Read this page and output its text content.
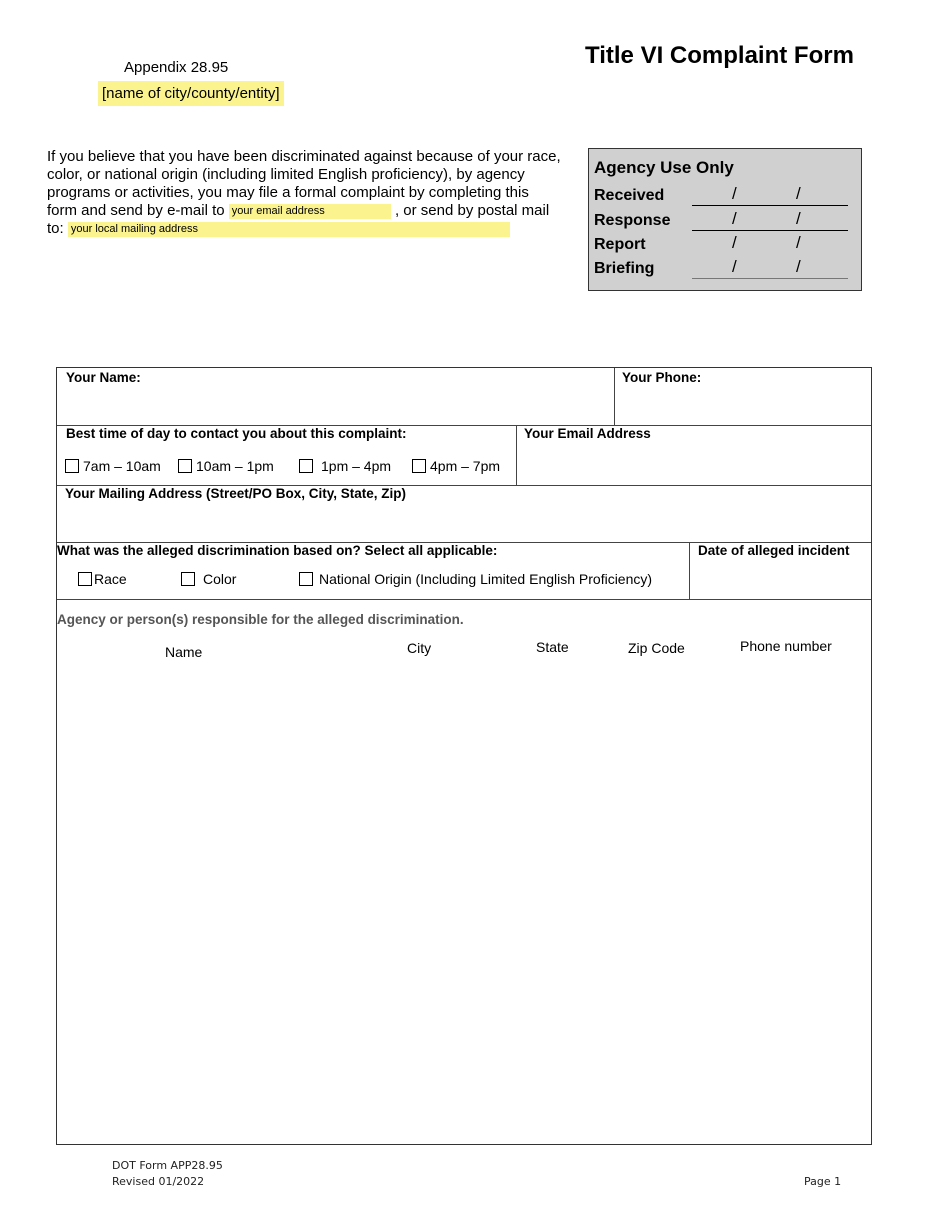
Appendix 28.95
[name of city/county/entity]
Title VI Complaint Form
If you believe that you have been discriminated against because of your race,
color, or national origin (including limited English proficiency), by agency
programs or activities, you may file a formal complaint by completing this
form and send by e-mail to your email address	, or send by postal mail
to: your local mailing address
Agency Use Only
Received	/	/
Response	/	/
Report	/	/
Briefing	/	/
Your Name:	Your Phone:
Best time of day to contact you about this complaint:
7am – 10am	10am – 1pm	1pm – 4pm	4pm – 7pm
Your Email Address
Your Mailing Address (Street/PO Box, City, State, Zip)
What was the alleged discrimination based on? Select all applicable:
Race	Color	National Origin (Including Limited English Proficiency)
Date of alleged incident
Agency or person(s) responsible for the alleged discrimination.
Name	City	State	Zip Code	Phone number
DOT Form APP28.95
Revised 01/2022	Page 1
